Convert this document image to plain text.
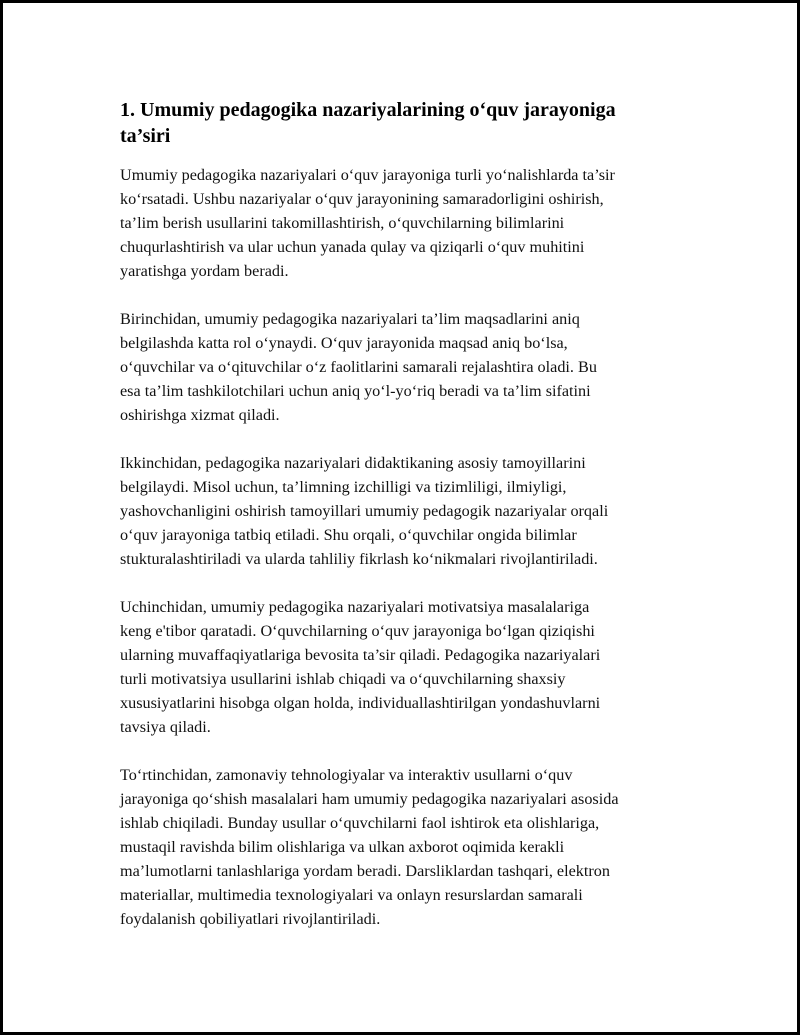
1. Umumiy pedagogika nazariyalarining o‘quv jarayoniga
ta’siri

Umumiy pedagogika nazariyalari o‘quv jarayoniga turli yo‘nalishlarda ta’sir
ko‘rsatadi. Ushbu nazariyalar o‘quv jarayonining samaradorligini oshirish,
ta’lim berish usullarini takomillashtirish, o‘quvchilarning bilimlarini
chuqurlashtirish va ular uchun yanada qulay va qiziqarli o‘quv muhitini
yaratishga yordam beradi.

Birinchidan, umumiy pedagogika nazariyalari ta’lim maqsadlarini aniq
belgilashda katta rol o‘ynaydi. O‘quv jarayonida maqsad aniq bo‘lsa,
o‘quvchilar va o‘qituvchilar o‘z faolitlarini samarali rejalashtira oladi. Bu
esa ta’lim tashkilotchilari uchun aniq yo‘l-yo‘riq beradi va ta’lim sifatini
oshirishga xizmat qiladi.

Ikkinchidan, pedagogika nazariyalari didaktikaning asosiy tamoyillarini
belgilaydi. Misol uchun, ta’limning izchilligi va tizimliligi, ilmiyligi,
yashovchanligini oshirish tamoyillari umumiy pedagogik nazariyalar orqali
o‘quv jarayoniga tatbiq etiladi. Shu orqali, o‘quvchilar ongida bilimlar
stukturalashtiriladi va ularda tahliliy fikrlash ko‘nikmalari rivojlantiriladi.

Uchinchidan, umumiy pedagogika nazariyalari motivatsiya masalalariga
keng e'tibor qaratadi. O‘quvchilarning o‘quv jarayoniga bo‘lgan qiziqishi
ularning muvaffaqiyatlariga bevosita ta’sir qiladi. Pedagogika nazariyalari
turli motivatsiya usullarini ishlab chiqadi va o‘quvchilarning shaxsiy
xususiyatlarini hisobga olgan holda, individuallashtirilgan yondashuvlarni
tavsiya qiladi.

To‘rtinchidan, zamonaviy tehnologiyalar va interaktiv usullarni o‘quv
jarayoniga qo‘shish masalalari ham umumiy pedagogika nazariyalari asosida
ishlab chiqiladi. Bunday usullar o‘quvchilarni faol ishtirok eta olishlariga,
mustaqil ravishda bilim olishlariga va ulkan axborot oqimida kerakli
ma’lumotlarni tanlashlariga yordam beradi. Darsliklardan tashqari, elektron
materiallar, multimedia texnologiyalari va onlayn resurslardan samarali
foydalanish qobiliyatlari rivojlantiriladi.
